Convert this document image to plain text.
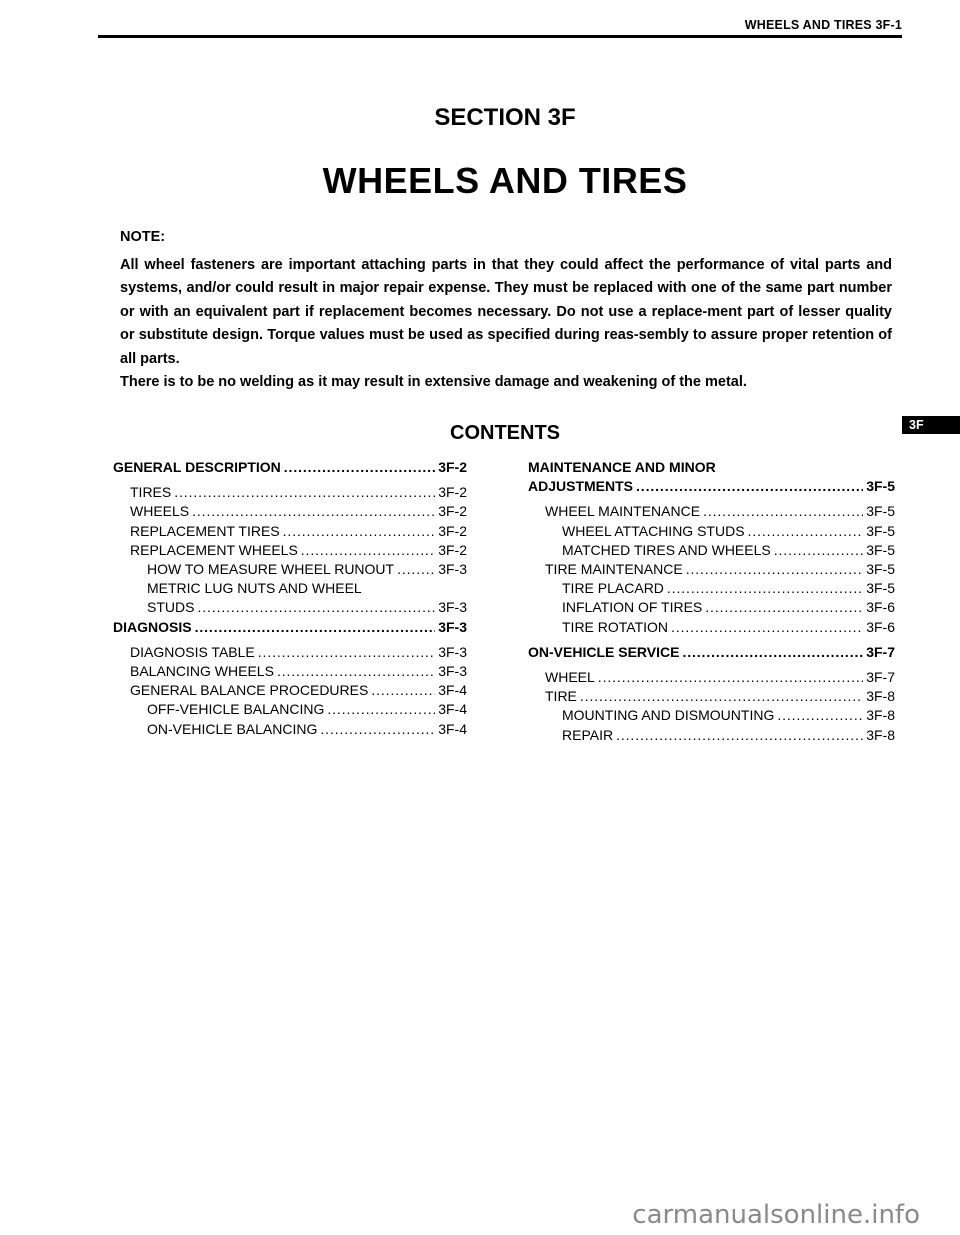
WHEELS AND TIRES 3F-1
SECTION 3F
WHEELS AND TIRES
NOTE:

All wheel fasteners are important attaching parts in that they could affect the performance of vital parts and systems, and/or could result in major repair expense. They must be replaced with one of the same part number or with an equivalent part if replacement becomes necessary. Do not use a replace-ment part of lesser quality or substitute design. Torque values must be used as specified during reas-sembly to assure proper retention of all parts.

There is to be no welding as it may result in extensive damage and weakening of the metal.

3F
CONTENTS
GENERAL DESCRIPTION . . .	3F-2
TIRES . . .	3F-2
WHEELS . . .	3F-2
REPLACEMENT TIRES . . .	3F-2
REPLACEMENT WHEELS . . .	3F-2
HOW TO MEASURE WHEEL RUNOUT . . .	3F-3
METRIC LUG NUTS AND WHEEL
STUDS . . .	3F-3
DIAGNOSIS . . .	3F-3
DIAGNOSIS TABLE . . .	3F-3
BALANCING WHEELS . . .	3F-3
GENERAL BALANCE PROCEDURES . . .	3F-4
OFF-VEHICLE BALANCING . . .	3F-4
ON-VEHICLE BALANCING . . .	3F-4
MAINTENANCE AND MINOR
ADJUSTMENTS . . .	3F-5
WHEEL MAINTENANCE . . .	3F-5
WHEEL ATTACHING STUDS . . .	3F-5
MATCHED TIRES AND WHEELS . . .	3F-5
TIRE MAINTENANCE . . .	3F-5
TIRE PLACARD . . .	3F-5
INFLATION OF TIRES . . .	3F-6
TIRE ROTATION . . .	3F-6
ON-VEHICLE SERVICE . . .	3F-7
WHEEL . . .	3F-7
TIRE . . .	3F-8
MOUNTING AND DISMOUNTING . . .	3F-8
REPAIR . . .	3F-8
carmanualsonline.info
